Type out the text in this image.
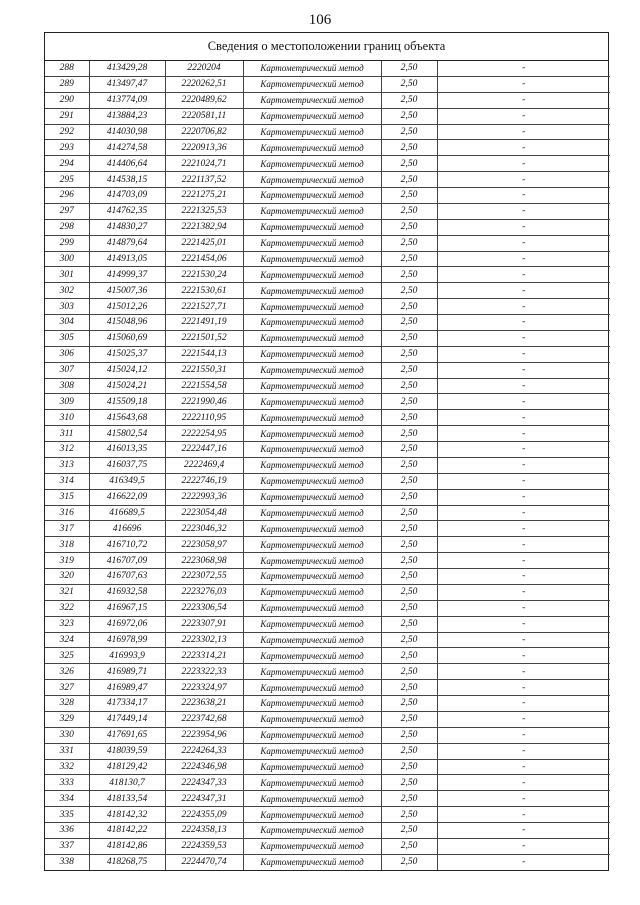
106
Сведения о местоположении границ объекта
288	413429,28	2220204	Картометрический метод	2,50	-
289	413497,47	2220262,51	Картометрический метод	2,50	-
290	413774,09	2220489,62	Картометрический метод	2,50	-
291	413884,23	2220581,11	Картометрический метод	2,50	-
292	414030,98	2220706,82	Картометрический метод	2,50	-
293	414274,58	2220913,36	Картометрический метод	2,50	-
294	414406,64	2221024,71	Картометрический метод	2,50	-
295	414538,15	2221137,52	Картометрический метод	2,50	-
296	414703,09	2221275,21	Картометрический метод	2,50	-
297	414762,35	2221325,53	Картометрический метод	2,50	-
298	414830,27	2221382,94	Картометрический метод	2,50	-
299	414879,64	2221425,01	Картометрический метод	2,50	-
300	414913,05	2221454,06	Картометрический метод	2,50	-
301	414999,37	2221530,24	Картометрический метод	2,50	-
302	415007,36	2221530,61	Картометрический метод	2,50	-
303	415012,26	2221527,71	Картометрический метод	2,50	-
304	415048,96	2221491,19	Картометрический метод	2,50	-
305	415060,69	2221501,52	Картометрический метод	2,50	-
306	415025,37	2221544,13	Картометрический метод	2,50	-
307	415024,12	2221550,31	Картометрический метод	2,50	-
308	415024,21	2221554,58	Картометрический метод	2,50	-
309	415509,18	2221990,46	Картометрический метод	2,50	-
310	415643,68	2222110,95	Картометрический метод	2,50	-
311	415802,54	2222254,95	Картометрический метод	2,50	-
312	416013,35	2222447,16	Картометрический метод	2,50	-
313	416037,75	2222469,4	Картометрический метод	2,50	-
314	416349,5	2222746,19	Картометрический метод	2,50	-
315	416622,09	2222993,36	Картометрический метод	2,50	-
316	416689,5	2223054,48	Картометрический метод	2,50	-
317	416696	2223046,32	Картометрический метод	2,50	-
318	416710,72	2223058,97	Картометрический метод	2,50	-
319	416707,09	2223068,98	Картометрический метод	2,50	-
320	416707,63	2223072,55	Картометрический метод	2,50	-
321	416932,58	2223276,03	Картометрический метод	2,50	-
322	416967,15	2223306,54	Картометрический метод	2,50	-
323	416972,06	2223307,91	Картометрический метод	2,50	-
324	416978,99	2223302,13	Картометрический метод	2,50	-
325	416993,9	2223314,21	Картометрический метод	2,50	-
326	416989,71	2223322,33	Картометрический метод	2,50	-
327	416989,47	2223324,97	Картометрический метод	2,50	-
328	417334,17	2223638,21	Картометрический метод	2,50	-
329	417449,14	2223742,68	Картометрический метод	2,50	-
330	417691,65	2223954,96	Картометрический метод	2,50	-
331	418039,59	2224264,33	Картометрический метод	2,50	-
332	418129,42	2224346,98	Картометрический метод	2,50	-
333	418130,7	2224347,33	Картометрический метод	2,50	-
334	418133,54	2224347,31	Картометрический метод	2,50	-
335	418142,32	2224355,09	Картометрический метод	2,50	-
336	418142,22	2224358,13	Картометрический метод	2,50	-
337	418142,86	2224359,53	Картометрический метод	2,50	-
338	418268,75	2224470,74	Картометрический метод	2,50	-
